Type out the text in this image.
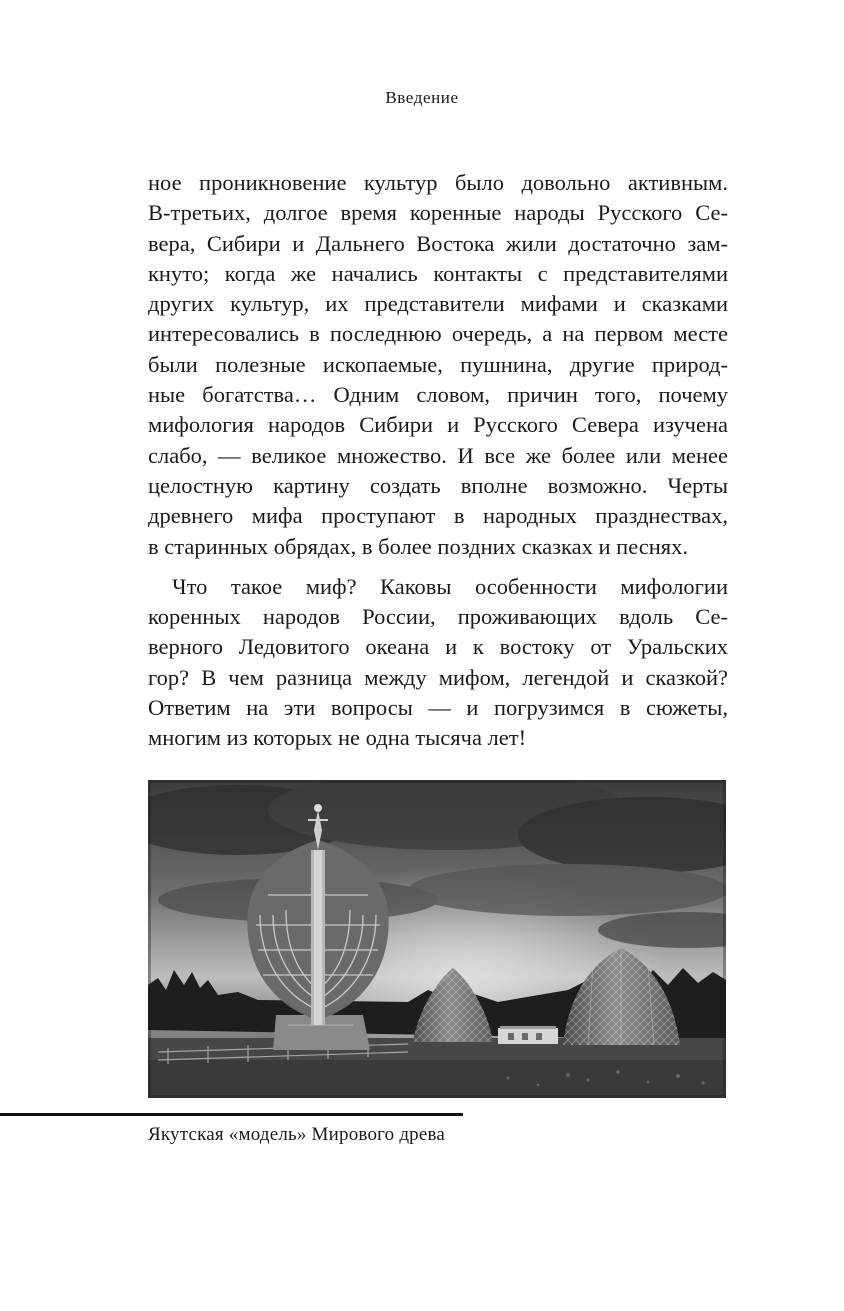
Введение
ное проникновение культур было довольно активным.
В-третьих, долгое время коренные народы Русского Се-
вера, Сибири и Дальнего Востока жили достаточно зам-
кнуто; когда же начались контакты с представителями
других культур, их представители мифами и сказками
интересовались в последнюю очередь, а на первом месте
были полезные ископаемые, пушнина, другие природ-
ные богатства… Одним словом, причин того, почему
мифология народов Сибири и Русского Севера изучена
слабо, — великое множество. И все же более или менее
целостную картину создать вполне возможно. Черты
древнего мифа проступают в народных празднествах,
в старинных обрядах, в более поздних сказках и песнях.
Что такое миф? Каковы особенности мифологии
коренных народов России, проживающих вдоль Се-
верного Ледовитого океана и к востоку от Уральских
гор? В чем разница между мифом, легендой и сказкой?
Ответим на эти вопросы — и погрузимся в сюжеты,
многим из которых не одна тысяча лет!
Якутская «модель» Мирового древа
